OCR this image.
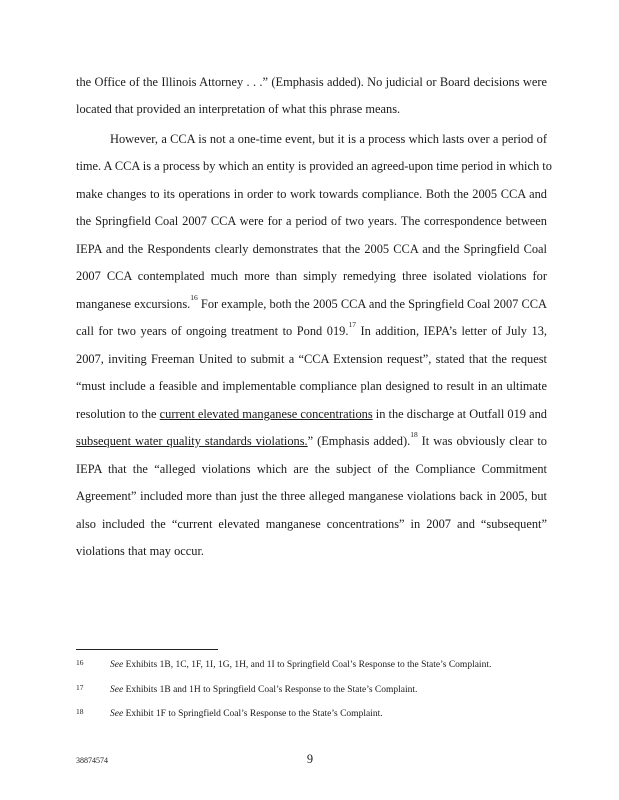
the Office of the Illinois Attorney . . .” (Emphasis added). No judicial or Board decisions were
located that provided an interpretation of what this phrase means.
However, a CCA is not a one-time event, but it is a process which lasts over a period of
time. A CCA is a process by which an entity is provided an agreed-upon time period in which to
make changes to its operations in order to work towards compliance. Both the 2005 CCA and
the Springfield Coal 2007 CCA were for a period of two years. The correspondence between
IEPA and the Respondents clearly demonstrates that the 2005 CCA and the Springfield Coal
2007 CCA contemplated much more than simply remedying three isolated violations for
manganese excursions.$^{16}$ For example, both the 2005 CCA and the Springfield Coal 2007 CCA
call for two years of ongoing treatment to Pond 019.17 In addition, IEPA’s letter of July 13,
2007, inviting Freeman United to submit a “CCA Extension request”, stated that the request
“must include a feasible and implementable compliance plan designed to result in an ultimate
resolution to the current elevated manganese concentrations in the discharge at Outfall 019 and
subsequent water quality standards violations.” (Emphasis added).$^{18}$ It was obviously clear to
IEPA that the “alleged violations which are the subject of the Compliance Commitment
Agreement” included more than just the three alleged manganese violations back in 2005, but
also included the “current elevated manganese concentrations” in 2007 and “subsequent”
violations that may occur.
16	See Exhibits 1B, 1C, 1F, 1I, 1G, 1H, and 1I to Springfield Coal’s Response to the State’s Complaint.
17	See Exhibits 1B and 1H to Springfield Coal’s Response to the State’s Complaint.
18	See Exhibit 1F to Springfield Coal’s Response to the State’s Complaint.
38874574	9
